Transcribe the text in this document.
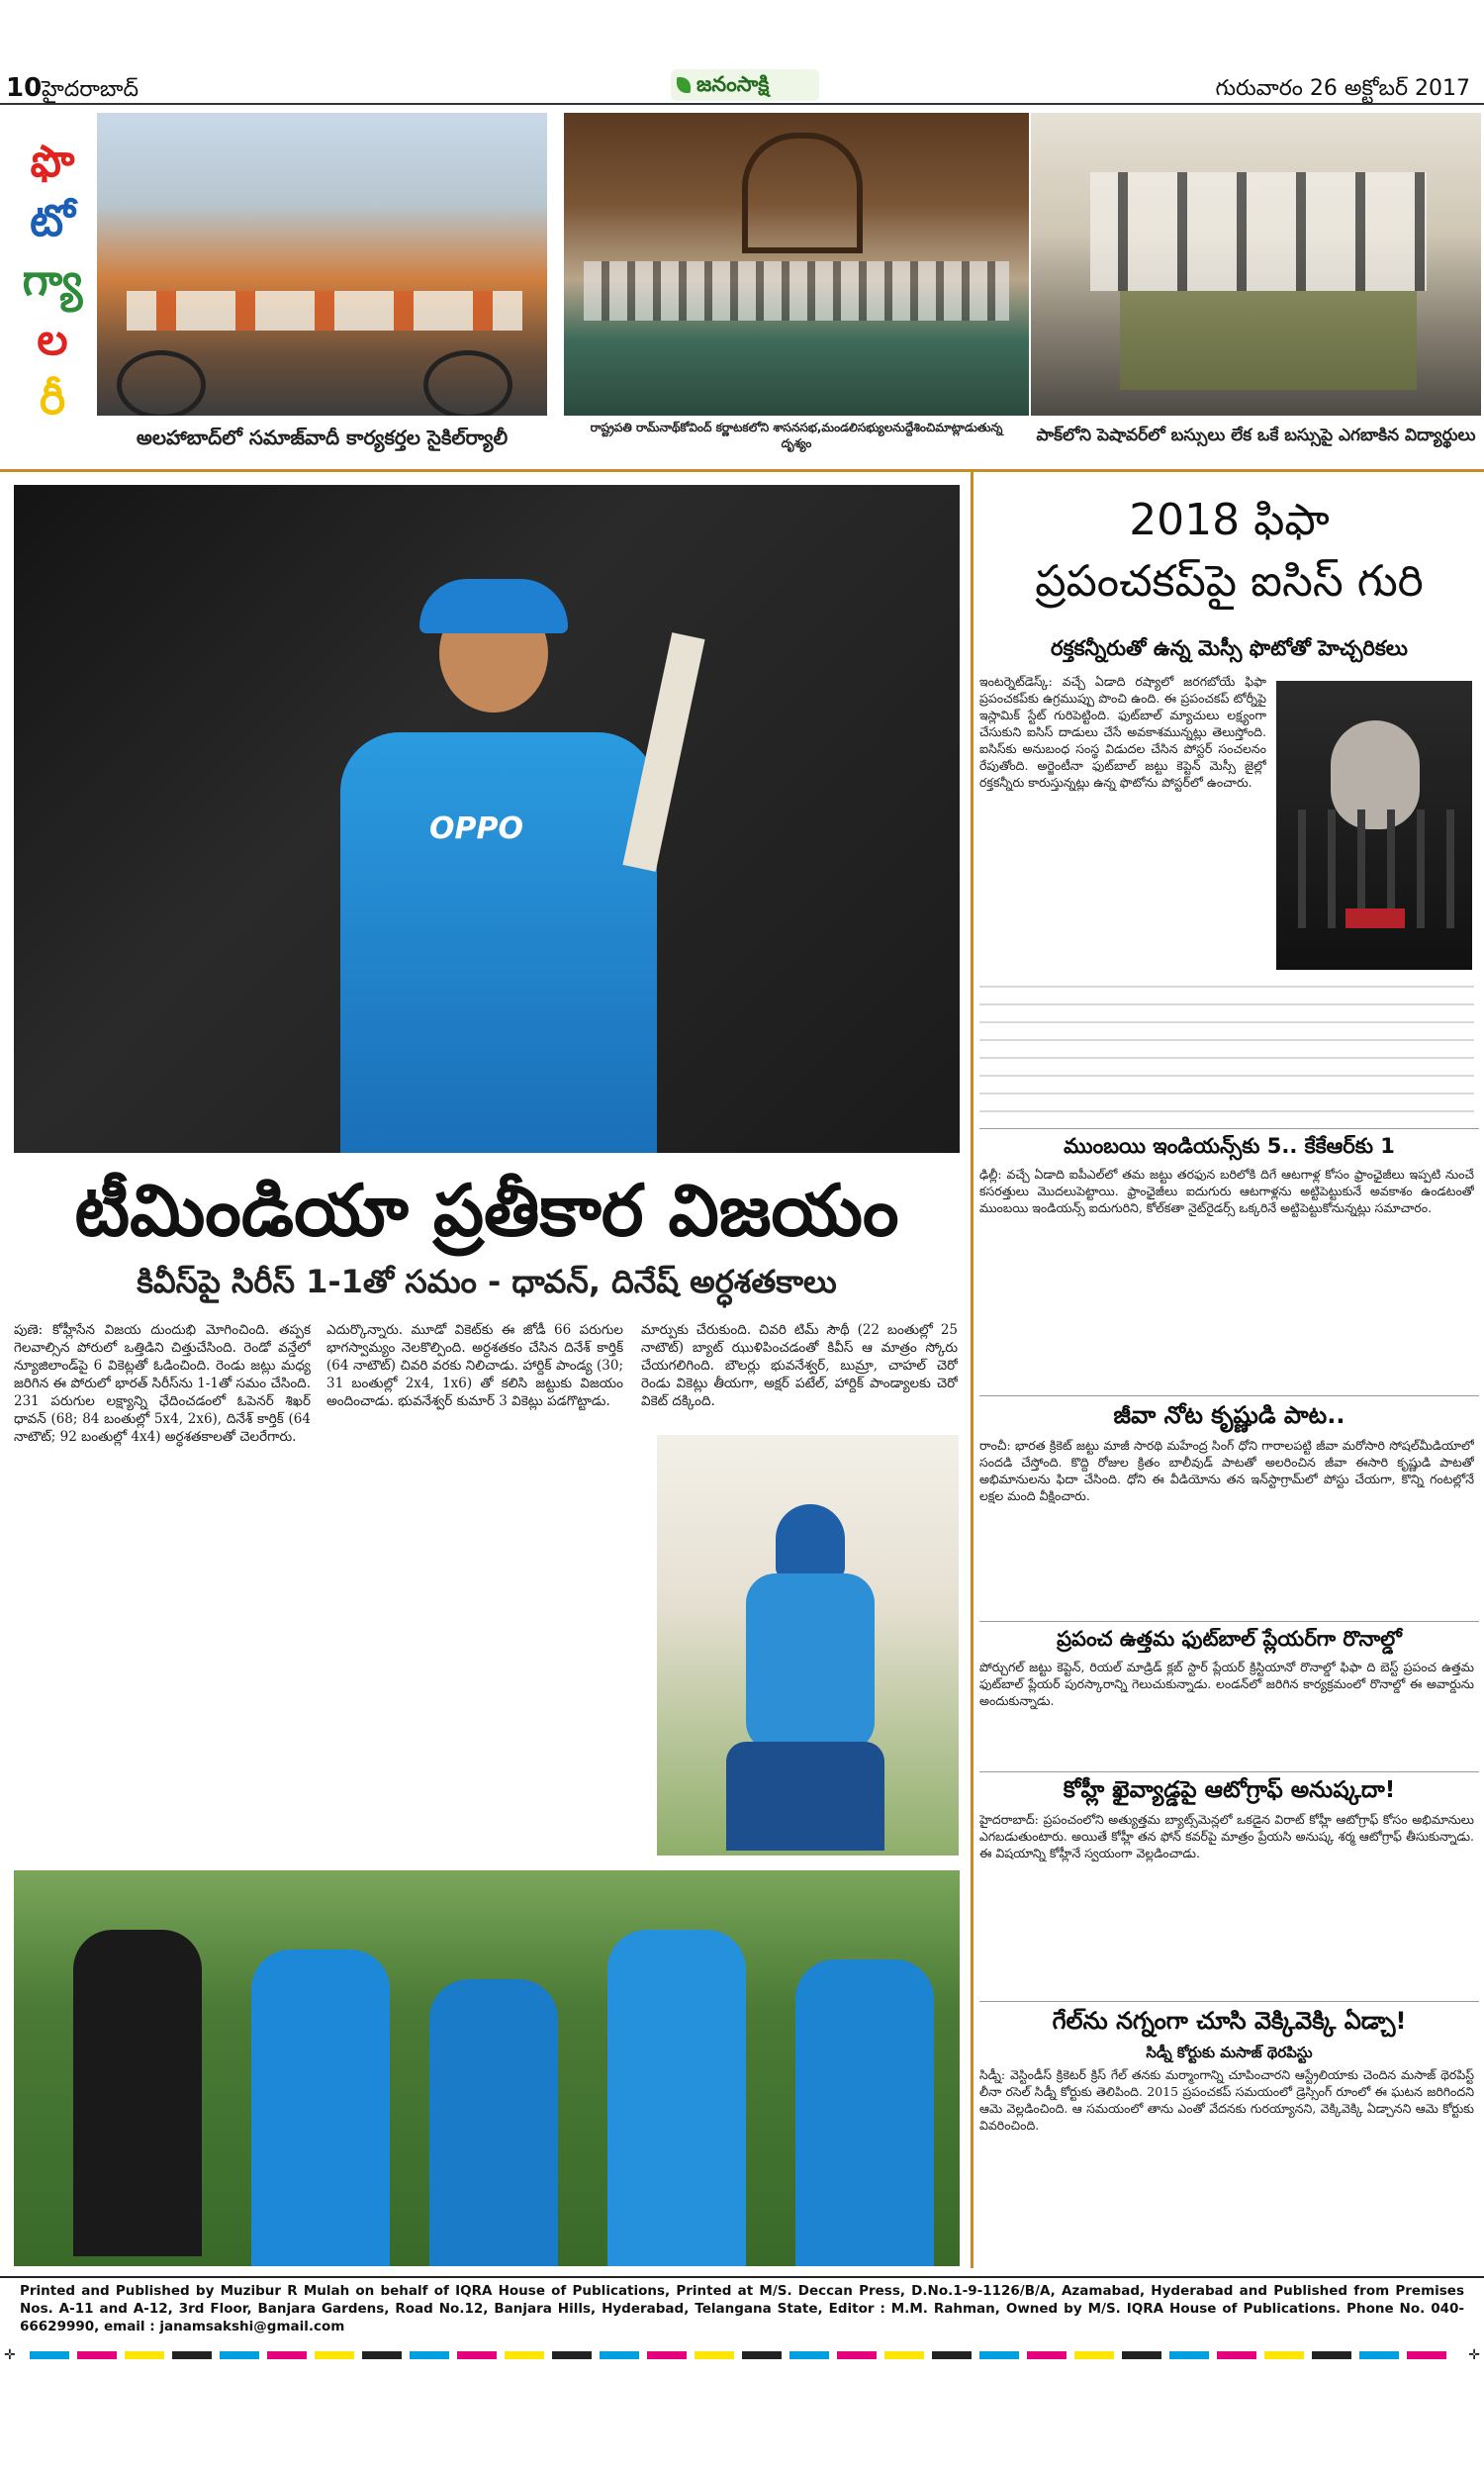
10 హైదరాబాద్	జనంసాక్షి	గురువారం 26 అక్టోబర్ 2017
ఫొ
టో
గ్యా
ల
రీ
అలహాబాద్‌లో సమాజ్‌వాదీ కార్యకర్తల సైకిల్‌ర్యాలీ	రాష్ట్రపతి రామ్‌నాథ్‌కోవింద్ కర్ణాటకలోని శాసనసభ,మండలిసభ్యులనుద్దేశించిమాట్లాడుతున్న దృశ్యం	పాక్‌లోని పెషావర్‌లో బస్సులు లేక ఒకే బస్సుపై ఎగబాకిన విద్యార్థులు
OPPO
టీమిండియా ప్రతీకార విజయం
కివీస్‌పై సిరీస్ 1-1తో సమం - ధావన్, దినేష్ అర్ధశతకాలు
పుణె: కోహ్లీసేన విజయ దుందుభి మోగించింది. తప్పక గెలవాల్సిన పోరులో ఒత్తిడిని చిత్తుచేసింది. రెండో వన్డేలో న్యూజిలాండ్‌పై 6 వికెట్లతో ఓడించింది. రెండు జట్లు మధ్య జరిగిన ఈ పోరులో భారత్ సిరీస్‌ను 1-1తో సమం చేసింది. 231 పరుగుల లక్ష్యాన్ని ఛేదించడంలో ఓపెనర్ శిఖర్ ధావన్ (68; 84 బంతుల్లో 5x4, 2x6), దినేశ్ కార్తిక్ (64 నాటౌట్; 92 బంతుల్లో 4x4) అర్ధశతకాలతో చెలరేగారు.
ఎదుర్కొన్నారు. మూడో వికెట్‌కు ఈ జోడీ 66 పరుగుల భాగస్వామ్యం నెలకొల్పింది. అర్ధశతకం చేసిన దినేశ్ కార్తిక్ (64 నాటౌట్) చివరి వరకు నిలిచాడు. హార్దిక్ పాండ్య (30; 31 బంతుల్లో 2x4, 1x6) తో కలిసి జట్టుకు విజయం అందించాడు. భువనేశ్వర్ కుమార్ 3 వికెట్లు పడగొట్టాడు.
మార్పుకు చేరుకుంది. చివరి టిమ్ సౌథీ (22 బంతుల్లో 25 నాటౌట్) బ్యాట్ ఝుళిపించడంతో కివీస్ ఆ మాత్రం స్కోరు చేయగలిగింది. బౌలర్లు భువనేశ్వర్, బుమ్రా, చాహల్ చెరో రెండు వికెట్లు తీయగా, అక్షర్ పటేల్, హార్దిక్ పాండ్యాలకు చెరో వికెట్ దక్కింది.
2018 ఫిఫా
ప్రపంచకప్‌పై ఐసిస్ గురి
రక్తకన్నీరుతో ఉన్న మెస్సీ ఫొటోతో హెచ్చరికలు
ఇంటర్నెట్‌డెస్క్: వచ్చే ఏడాది రష్యాలో జరగబోయే ఫిఫా ప్రపంచకప్‌కు ఉగ్రముప్పు పొంచి ఉంది. ఈ ప్రపంచకప్ టోర్నీపై ఇస్లామిక్ స్టేట్ గురిపెట్టింది. ఫుట్‌బాల్ మ్యాచులు లక్ష్యంగా చేసుకుని ఐసిస్ దాడులు చేసే అవకాశమున్నట్లు తెలుస్తోంది. ఐసిస్‌కు అనుబంధ సంస్థ విడుదల చేసిన పోస్టర్ సంచలనం రేపుతోంది. అర్జెంటీనా ఫుట్‌బాల్ జట్టు కెప్టెన్ మెస్సీ జైల్లో రక్తకన్నీరు కారుస్తున్నట్లు ఉన్న ఫొటోను పోస్టర్‌లో ఉంచారు.
ముంబయి ఇండియన్స్‌కు 5.. కేకేఆర్‌కు 1
ఢిల్లీ: వచ్చే ఏడాది ఐపీఎల్‌లో తమ జట్టు తరఫున బరిలోకి దిగే ఆటగాళ్ల కోసం ఫ్రాంఛైజీలు ఇప్పటి నుంచే కసరత్తులు మొదలుపెట్టాయి. ఫ్రాంఛైజీలు ఐదుగురు ఆటగాళ్లను అట్టిపెట్టుకునే అవకాశం ఉండటంతో ముంబయి ఇండియన్స్ ఐదుగురిని, కోల్‌కతా నైట్‌రైడర్స్ ఒక్కరినే అట్టిపెట్టుకోనున్నట్లు సమాచారం.
జీవా నోట కృష్ణుడి పాట..
రాంచీ: భారత క్రికెట్ జట్టు మాజీ సారథి మహేంద్ర సింగ్ ధోని గారాలపట్టి జీవా మరోసారి సోషల్‌మీడియాలో సందడి చేస్తోంది. కొద్ది రోజుల క్రితం బాలీవుడ్ పాటతో అలరించిన జీవా ఈసారి కృష్ణుడి పాటతో అభిమానులను ఫిదా చేసింది. ధోని ఈ వీడియోను తన ఇన్‌స్టాగ్రామ్‌లో పోస్టు చేయగా, కొన్ని గంటల్లోనే లక్షల మంది వీక్షించారు.
ప్రపంచ ఉత్తమ ఫుట్‌బాల్ ప్లేయర్‌గా రొనాల్డో
పోర్చుగల్ జట్టు కెప్టెన్, రియల్ మాడ్రిడ్ క్లబ్ స్టార్ ప్లేయర్ క్రిస్టియానో రొనాల్డో ఫిఫా ది బెస్ట్ ప్రపంచ ఉత్తమ ఫుట్‌బాల్ ప్లేయర్ పురస్కారాన్ని గెలుచుకున్నాడు. లండన్‌లో జరిగిన కార్యక్రమంలో రొనాల్డో ఈ అవార్డును అందుకున్నాడు.
కోహ్లీ ఖైవ్యాడ్డపై ఆటోగ్రాఫ్ అనుష్కదా!
హైదరాబాద్: ప్రపంచంలోని అత్యుత్తమ బ్యాట్స్‌మెన్లలో ఒకడైన విరాట్ కోహ్లీ ఆటోగ్రాఫ్ కోసం అభిమానులు ఎగబడుతుంటారు. అయితే కోహ్లీ తన ఫోన్ కవర్‌పై మాత్రం ప్రేయసి అనుష్క శర్మ ఆటోగ్రాఫ్ తీసుకున్నాడు. ఈ విషయాన్ని కోహ్లీనే స్వయంగా వెల్లడించాడు.
గేల్‌ను నగ్నంగా చూసి వెక్కివెక్కి ఏడ్చా!
సిడ్నీ కోర్టుకు మసాజ్ థెరపిస్టు
సిడ్నీ: వెస్టిండీస్ క్రికెటర్ క్రిస్ గేల్ తనకు మర్మాంగాన్ని చూపించారని ఆస్ట్రేలియాకు చెందిన మసాజ్ థెరపిస్ట్ లీనా రసెల్ సిడ్నీ కోర్టుకు తెలిపింది. 2015 ప్రపంచకప్ సమయంలో డ్రెస్సింగ్ రూంలో ఈ ఘటన జరిగిందని ఆమె వెల్లడించింది. ఆ సమయంలో తాను ఎంతో వేదనకు గురయ్యానని, వెక్కివెక్కి ఏడ్చానని ఆమె కోర్టుకు వివరించింది.
Printed and Published by Muzibur R Mulah on behalf of IQRA House of Publications, Printed at M/S. Deccan Press, D.No.1-9-1126/B/A, Azamabad, Hyderabad and Published from Premises Nos. A-11 and A-12, 3rd Floor, Banjara Gardens, Road No.12, Banjara Hills, Hyderabad, Telangana State, Editor : M.M. Rahman, Owned by M/S. IQRA House of Publications. Phone No. 040-66629990, email : janamsakshi@gmail.com
✛	✛
